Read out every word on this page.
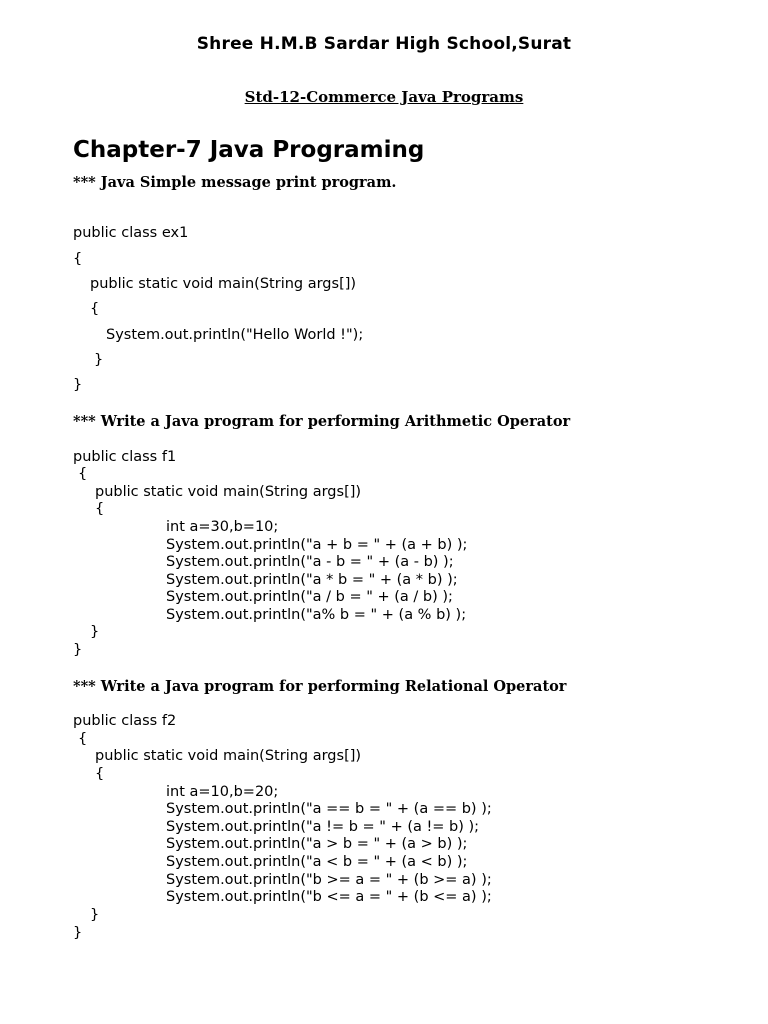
Shree H.M.B Sardar High School,Surat
Std-12-Commerce Java Programs
Chapter-7 Java Programing
*** Java Simple message print program.
public class ex1
{
public static void main(String args[])
{
System.out.println("Hello World !");
}
}
*** Write a Java program for performing Arithmetic Operator
public class f1
{
public static void main(String args[])
{
int a=30,b=10;
System.out.println("a + b = " + (a + b) );
System.out.println("a - b = " + (a - b) );
System.out.println("a * b = " + (a * b) );
System.out.println("a / b = " + (a / b) );
System.out.println("a% b = " + (a % b) );
}
}
*** Write a Java program for performing Relational Operator
public class f2
{
public static void main(String args[])
{
int a=10,b=20;
System.out.println("a == b = " + (a == b) );
System.out.println("a != b = " + (a != b) );
System.out.println("a > b = " + (a > b) );
System.out.println("a < b = " + (a < b) );
System.out.println("b >= a = " + (b >= a) );
System.out.println("b <= a = " + (b <= a) );
}
}
